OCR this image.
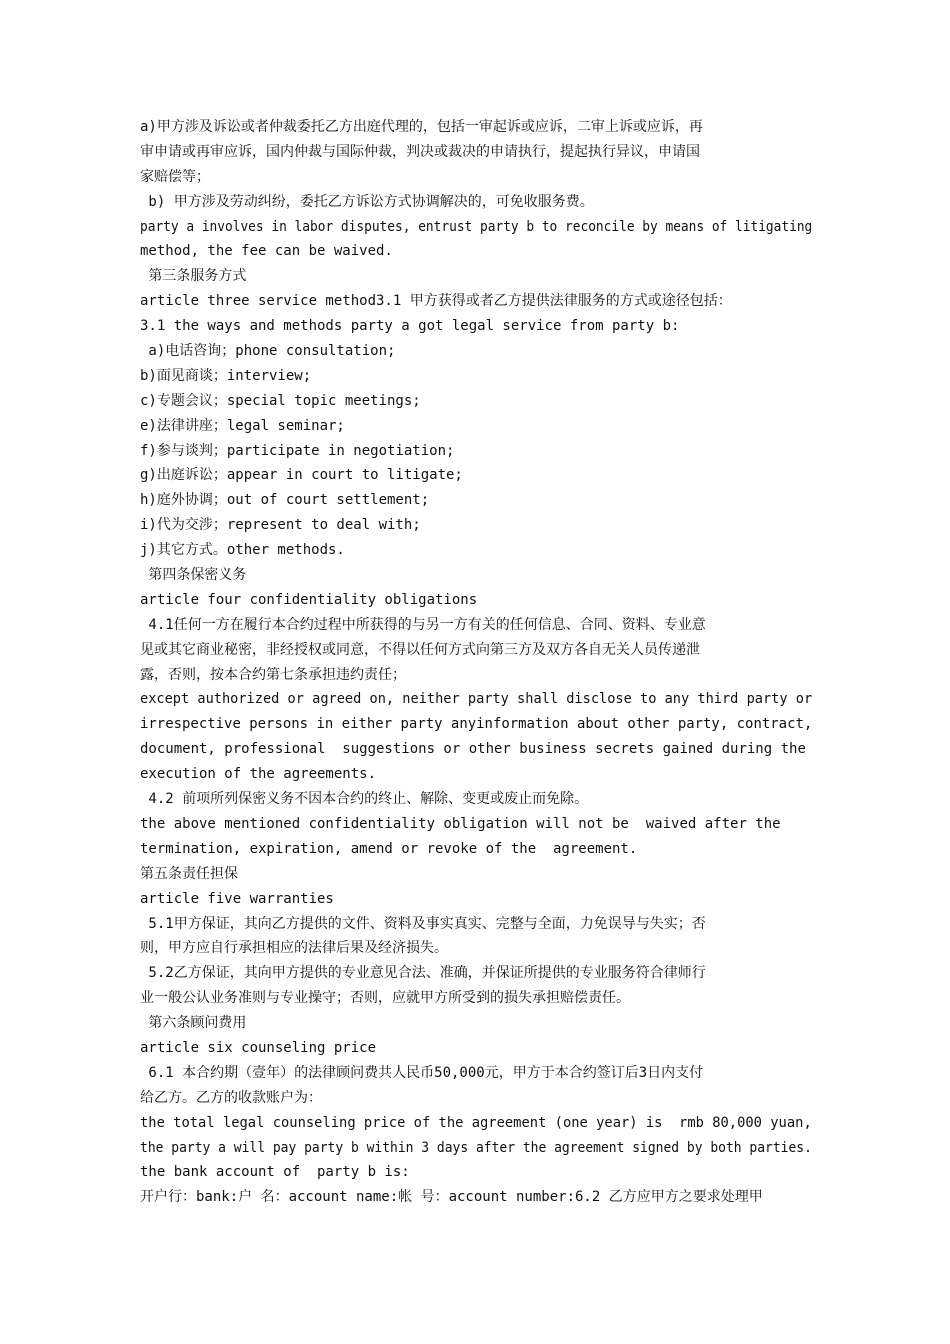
a)甲方涉及诉讼或者仲裁委托乙方出庭代理的，包括一审起诉或应诉，二审上诉或应诉，再
审申请或再审应诉，国内仲裁与国际仲裁，判决或裁决的申请执行，提起执行异议，申请国
家赔偿等；
b) 甲方涉及劳动纠纷，委托乙方诉讼方式协调解决的，可免收服务费。
party a involves in labor disputes, entrust party b to reconcile by means of litigating
method, the fee can be waived.
第三条服务方式
article three service method3.1 甲方获得或者乙方提供法律服务的方式或途径包括：
3.1 the ways and methods party a got legal service from party b:
a)电话咨询；phone consultation;
b)面见商谈；interview;
c)专题会议；special topic meetings;
e)法律讲座；legal seminar;
f)参与谈判；participate in negotiation;
g)出庭诉讼；appear in court to litigate;
h)庭外协调；out of court settlement;
i)代为交涉；represent to deal with;
j)其它方式。other methods.
第四条保密义务
article four confidentiality obligations
4.1任何一方在履行本合约过程中所获得的与另一方有关的任何信息、合同、资料、专业意
见或其它商业秘密，非经授权或同意，不得以任何方式向第三方及双方各自无关人员传递泄
露，否则，按本合约第七条承担违约责任；
except authorized or agreed on, neither party shall disclose to any third party or
irrespective persons in either party anyinformation about other party, contract,
document, professional  suggestions or other business secrets gained during the
execution of the agreements.
4.2 前项所列保密义务不因本合约的终止、解除、变更或废止而免除。
the above mentioned confidentiality obligation will not be  waived after the
termination, expiration, amend or revoke of the  agreement.
第五条责任担保
article five warranties
5.1甲方保证，其向乙方提供的文件、资料及事实真实、完整与全面，力免误导与失实；否
则，甲方应自行承担相应的法律后果及经济损失。
5.2乙方保证，其向甲方提供的专业意见合法、准确，并保证所提供的专业服务符合律师行
业一般公认业务准则与专业操守；否则，应就甲方所受到的损失承担赔偿责任。
第六条顾问费用
article six counseling price
6.1 本合约期（壹年）的法律顾问费共人民币50,000元，甲方于本合约签订后3日内支付
给乙方。乙方的收款账户为：
the total legal counseling price of the agreement (one year) is  rmb 80,000 yuan,
the party a will pay party b within 3 days after the agreement signed by both parties.
the bank account of  party b is:
开户行：bank:户 名：account name:帐 号：account number:6.2 乙方应甲方之要求处理甲
